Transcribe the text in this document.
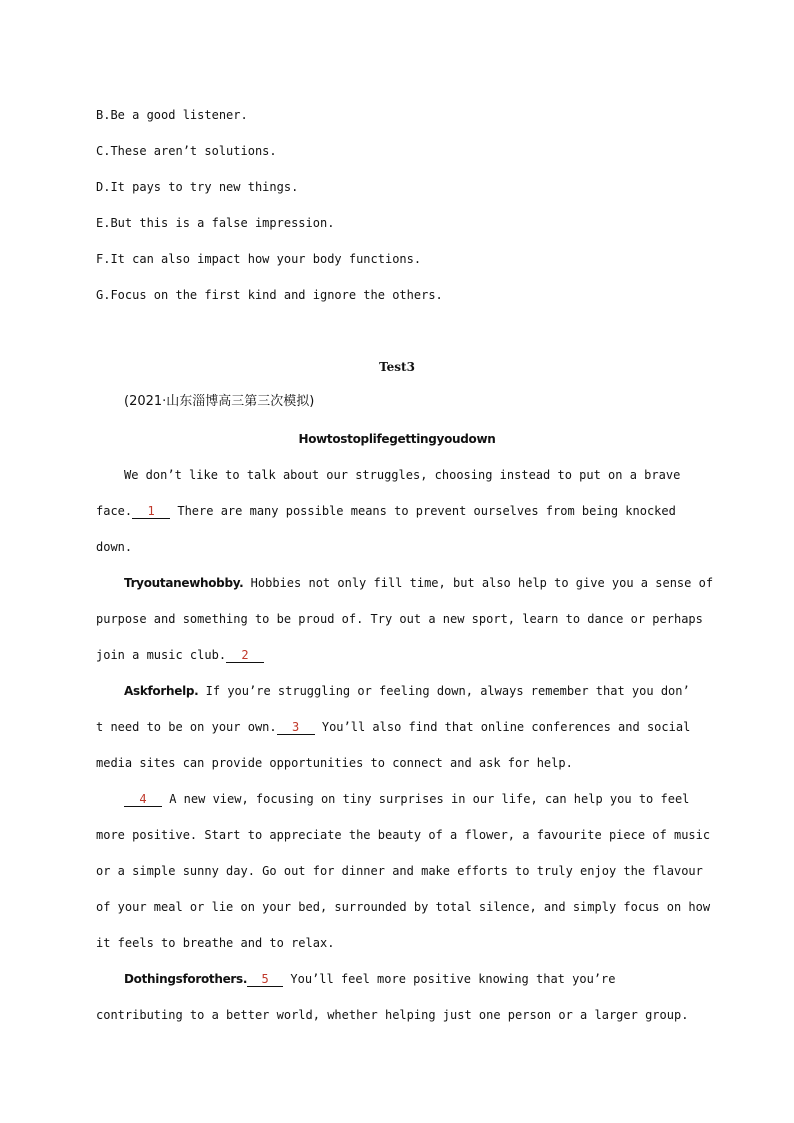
B.Be a good listener.
C.These aren’t solutions.
D.It pays to try new things.
E.But this is a false impression.
F.It can also impact how your body functions.
G.Focus on the first kind and ignore the others.
Test3
(2021·山东淄博高三第三次模拟)
Howtostoplifegettingyoudown
We don’t like to talk about our struggles, choosing instead to put on a brave
face. 1 There are many possible means to prevent ourselves from being knocked
down.
Tryoutanewhobby. Hobbies not only fill time, but also help to give you a sense of
purpose and something to be proud of. Try out a new sport, learn to dance or perhaps
join a music club. 2
Askforhelp. If you’re struggling or feeling down, always remember that you don’
t need to be on your own. 3 You’ll also find that online conferences and social
media sites can provide opportunities to connect and ask for help.
4 A new view, focusing on tiny surprises in our life, can help you to feel
more positive. Start to appreciate the beauty of a flower, a favourite piece of music
or a simple sunny day. Go out for dinner and make efforts to truly enjoy the flavour
of your meal or lie on your bed, surrounded by total silence, and simply focus on how
it feels to breathe and to relax.
Dothingsforothers. 5 You’ll feel more positive knowing that you’re
contributing to a better world, whether helping just one person or a larger group.
